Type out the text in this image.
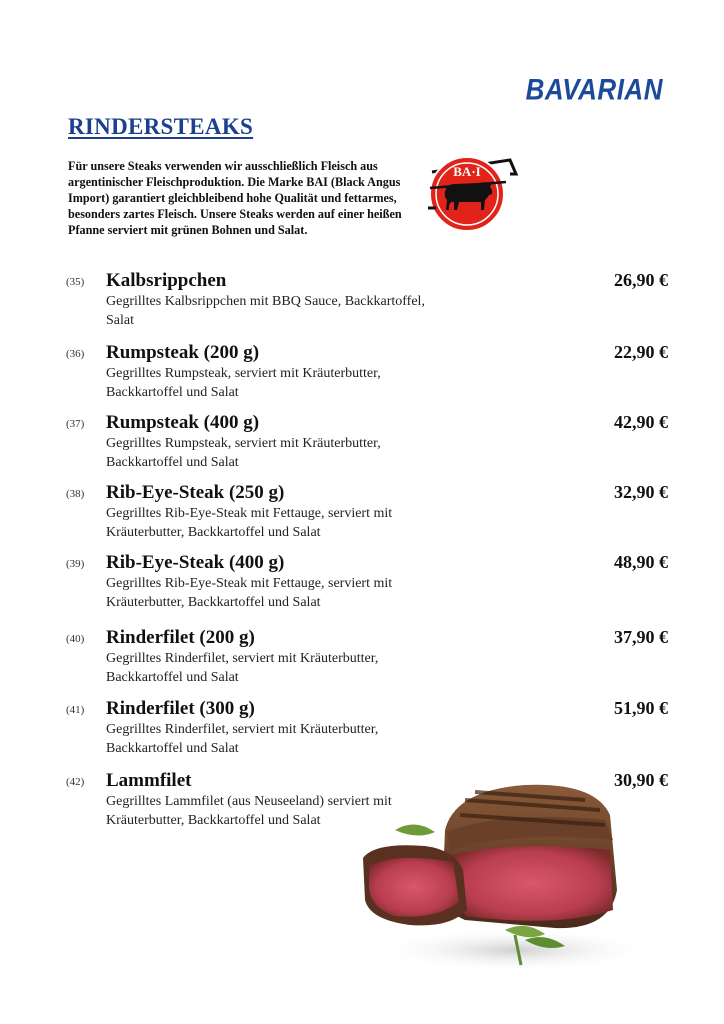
BAVARIAN
RINDERSTEAKS

Für unsere Steaks verwenden wir ausschließlich Fleisch aus argentinischer Fleischproduktion. Die Marke BAI (Black Angus Import) garantiert gleichbleibend hohe Qualität und fettarmes, besonders zartes Fleisch. Unsere Steaks werden auf einer heißen Pfanne serviert mit grünen Bohnen und Salat.

BA·I
(35) Kalbsrippchen	26,90 €
Gegrilltes Kalbsrippchen mit BBQ Sauce, Backkartoffel, Salat
(36) Rumpsteak (200 g)	22,90 €
Gegrilltes Rumpsteak, serviert mit Kräuterbutter, Backkartoffel und Salat
(37) Rumpsteak (400 g)	42,90 €
Gegrilltes Rumpsteak, serviert mit Kräuterbutter, Backkartoffel und Salat
(38) Rib-Eye-Steak (250 g)	32,90 €
Gegrilltes Rib-Eye-Steak mit Fettauge, serviert mit Kräuterbutter, Backkartoffel und Salat
(39) Rib-Eye-Steak (400 g)	48,90 €
Gegrilltes Rib-Eye-Steak mit Fettauge, serviert mit Kräuterbutter, Backkartoffel und Salat
(40) Rinderfilet (200 g)	37,90 €
Gegrilltes Rinderfilet, serviert mit Kräuterbutter, Backkartoffel und Salat
(41) Rinderfilet (300 g)	51,90 €
Gegrilltes Rinderfilet, serviert mit Kräuterbutter, Backkartoffel und Salat
(42) Lammfilet	30,90 €
Gegrilltes Lammfilet (aus Neuseeland) serviert mit Kräuterbutter, Backkartoffel und Salat
